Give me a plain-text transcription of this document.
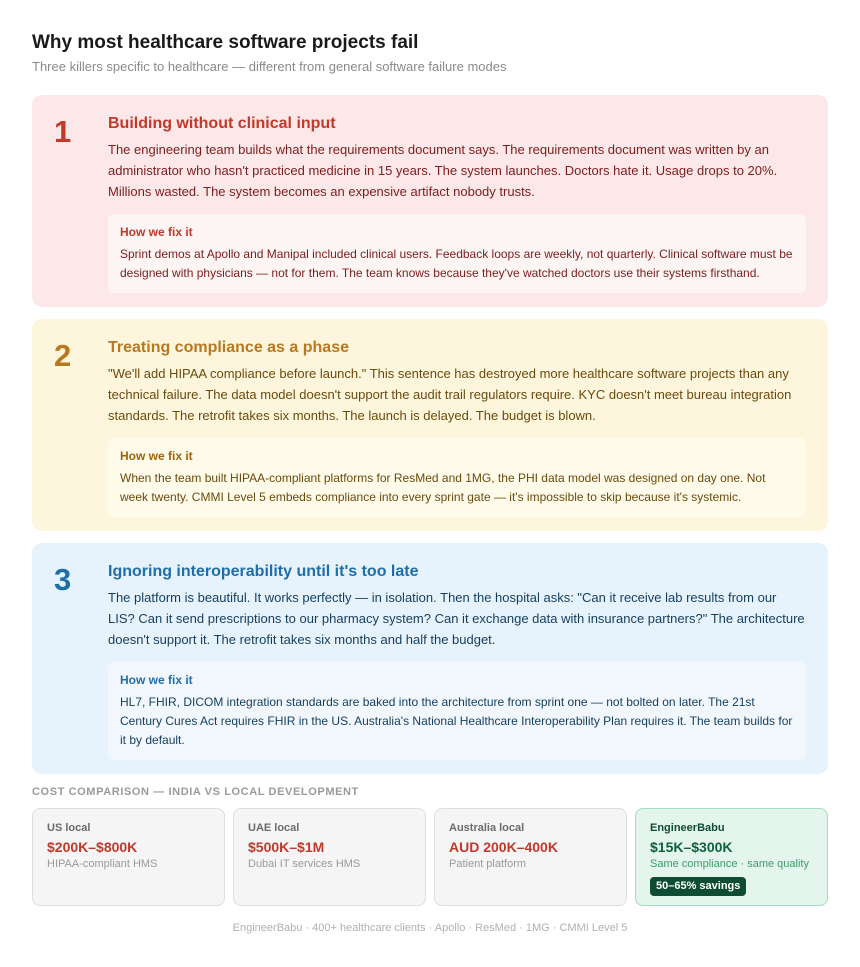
Why most healthcare software projects fail

Three killers specific to healthcare — different from general software failure modes

1 Building without clinical input

The engineering team builds what the requirements document says. The requirements document was written by an administrator who hasn't practiced medicine in 15 years. The system launches. Doctors hate it. Usage drops to 20%. Millions wasted. The system becomes an expensive artifact nobody trusts.

How we fix it

Sprint demos at Apollo and Manipal included clinical users. Feedback loops are weekly, not quarterly. Clinical software must be designed with physicians — not for them. The team knows because they've watched doctors use their systems firsthand.

2 Treating compliance as a phase

"We'll add HIPAA compliance before launch." This sentence has destroyed more healthcare software projects than any technical failure. The data model doesn't support the audit trail regulators require. KYC doesn't meet bureau integration standards. The retrofit takes six months. The launch is delayed. The budget is blown.

How we fix it

When the team built HIPAA-compliant platforms for ResMed and 1MG, the PHI data model was designed on day one. Not week twenty. CMMI Level 5 embeds compliance into every sprint gate — it's impossible to skip because it's systemic.

3 Ignoring interoperability until it's too late

The platform is beautiful. It works perfectly — in isolation. Then the hospital asks: "Can it receive lab results from our LIS? Can it send prescriptions to our pharmacy system? Can it exchange data with insurance partners?" The architecture doesn't support it. The retrofit takes six months and half the budget.

How we fix it

HL7, FHIR, DICOM integration standards are baked into the architecture from sprint one — not bolted on later. The 21st Century Cures Act requires FHIR in the US. Australia's National Healthcare Interoperability Plan requires it. The team builds for it by default.

COST COMPARISON — INDIA VS LOCAL DEVELOPMENT
US local
$200K–$800K
HIPAA-compliant HMS
UAE local
$500K–$1M
Dubai IT services HMS
Australia local
AUD 200K–400K
Patient platform
EngineerBabu
$15K–$300K
Same compliance · same quality
50–65% savings
EngineerBabu · 400+ healthcare clients · Apollo · ResMed · 1MG · CMMI Level 5
